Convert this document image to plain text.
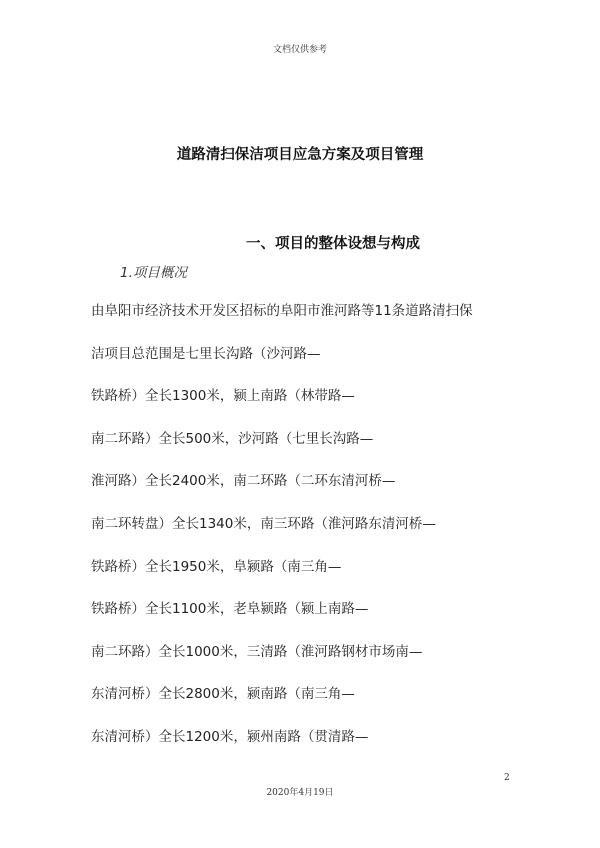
文档仅供参考
道路清扫保洁项目应急方案及项目管理
一、项目的整体设想与构成
1.项目概况
由阜阳市经济技术开发区招标的阜阳市淮河路等11条道路清扫保
洁项目总范围是七里长沟路（沙河路—
铁路桥）全长1300米，颍上南路（林带路—
南二环路）全长500米，沙河路（七里长沟路—
淮河路）全长2400米，南二环路（二环东清河桥—
南二环转盘）全长1340米，南三环路（淮河路东清河桥—
铁路桥）全长1950米，阜颍路（南三角—
铁路桥）全长1100米，老阜颍路（颍上南路—
南二环路）全长1000米，三清路（淮河路钢材市场南—
东清河桥）全长2800米，颍南路（南三角—
东清河桥）全长1200米，颍州南路（贯清路—
2
2020年4月19日
